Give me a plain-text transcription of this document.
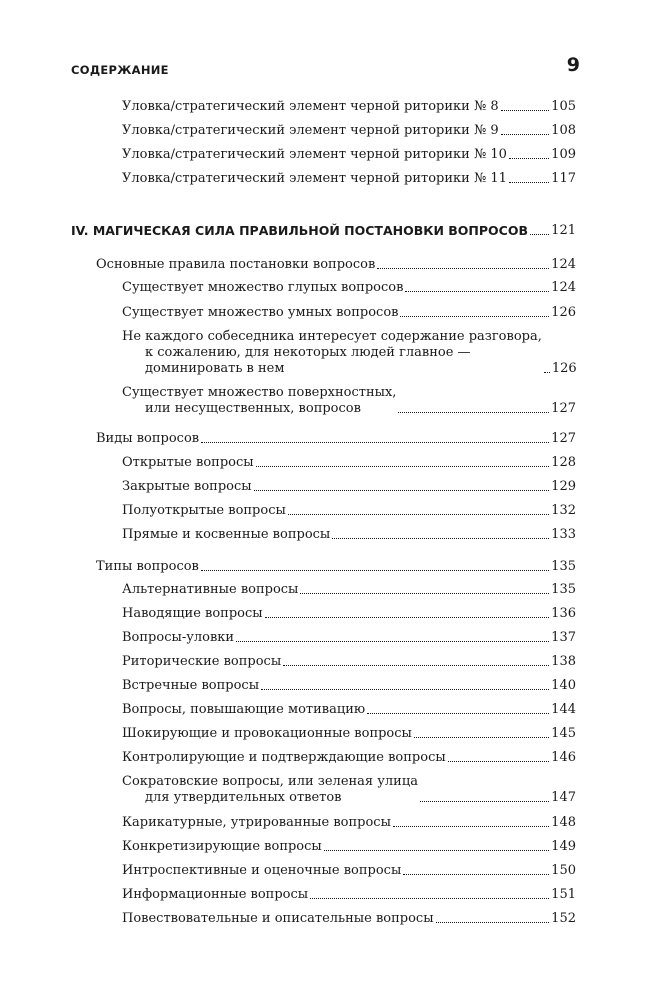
СОДЕРЖАНИЕ	9
Уловка/стратегический элемент черной риторики № 8	105
Уловка/стратегический элемент черной риторики № 9	108
Уловка/стратегический элемент черной риторики № 10	109
Уловка/стратегический элемент черной риторики № 11	117
IV. МАГИЧЕСКАЯ СИЛА ПРАВИЛЬНОЙ ПОСТАНОВКИ ВОПРОСОВ 121
Основные правила постановки вопросов	124
Существует множество глупых вопросов	124
Существует множество умных вопросов	126
Не каждого собеседника интересует содержание разговора,
к сожалению, для некоторых людей главное —
доминировать в нем	126
Существует множество поверхностных,
или несущественных, вопросов	127
Виды вопросов	127
Открытые вопросы	128
Закрытые вопросы	129
Полуоткрытые вопросы	132
Прямые и косвенные вопросы	133
Типы вопросов	135
Альтернативные вопросы	135
Наводящие вопросы	136
Вопросы-уловки	137
Риторические вопросы	138
Встречные вопросы	140
Вопросы, повышающие мотивацию	144
Шокирующие и провокационные вопросы	145
Контролирующие и подтверждающие вопросы	146
Сократовские вопросы, или зеленая улица
для утвердительных ответов	147
Карикатурные, утрированные вопросы	148
Конкретизирующие вопросы	149
Интроспективные и оценочные вопросы	150
Информационные вопросы	151
Повествовательные и описательные вопросы	152
